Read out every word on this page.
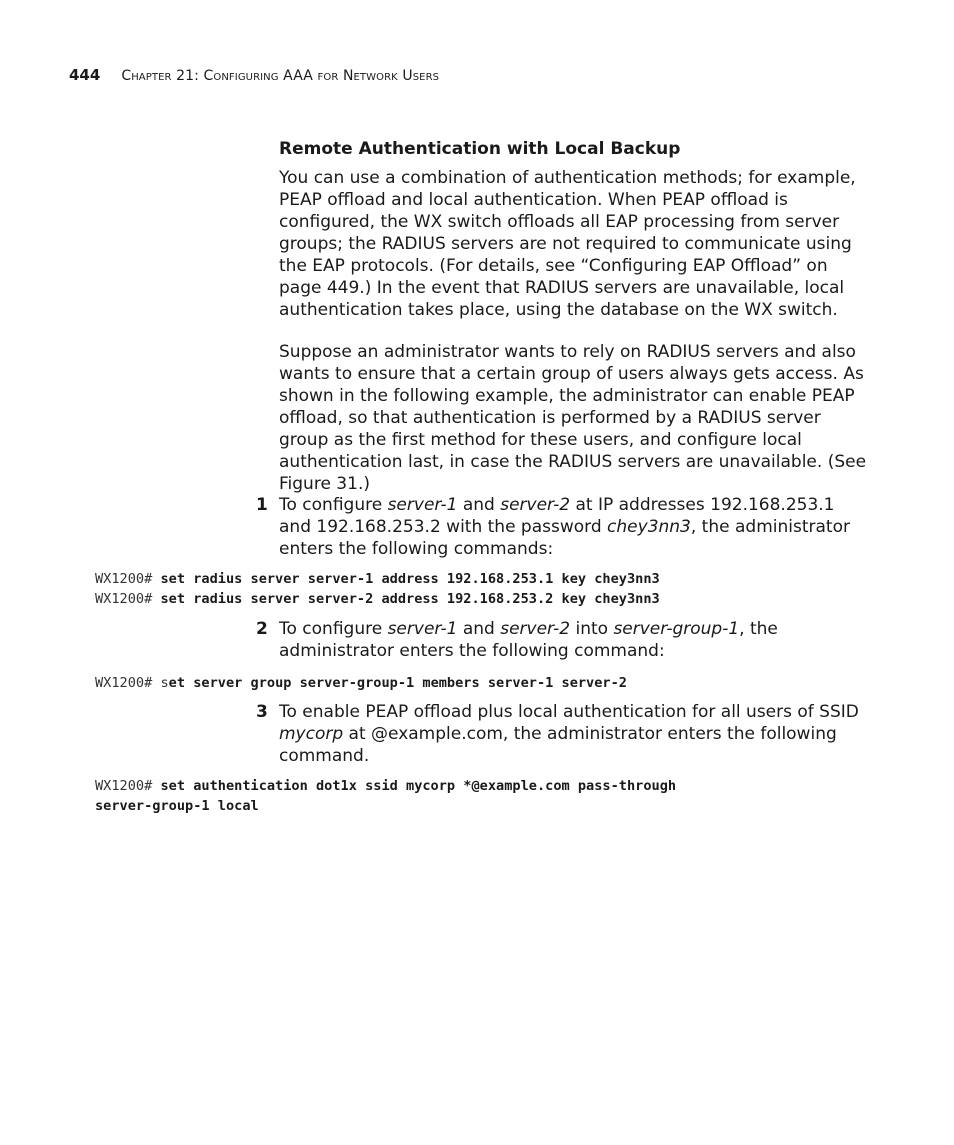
444 Chapter 21: Configuring AAA for Network Users
Remote Authentication with Local Backup

You can use a combination of authentication methods; for example, PEAP offload and local authentication. When PEAP offload is configured, the WX switch offloads all EAP processing from server groups; the RADIUS servers are not required to communicate using the EAP protocols. (For details, see “Configuring EAP Offload” on page 449.) In the event that RADIUS servers are unavailable, local authentication takes place, using the database on the WX switch.

Suppose an administrator wants to rely on RADIUS servers and also wants to ensure that a certain group of users always gets access. As shown in the following example, the administrator can enable PEAP offload, so that authentication is performed by a RADIUS server group as the first method for these users, and configure local authentication last, in case the RADIUS servers are unavailable. (See Figure 31.)

1 To configure server-1 and server-2 at IP addresses 192.168.253.1 and 192.168.253.2 with the password chey3nn3, the administrator enters the following commands:
WX1200# set radius server server-1 address 192.168.253.1 key chey3nn3
WX1200# set radius server server-2 address 192.168.253.2 key chey3nn3
2 To configure server-1 and server-2 into server-group-1, the administrator enters the following command:
WX1200# set server group server-group-1 members server-1 server-2
3 To enable PEAP offload plus local authentication for all users of SSID mycorp at @example.com, the administrator enters the following command.
WX1200# set authentication dot1x ssid mycorp *@example.com pass-through
server-group-1 local
